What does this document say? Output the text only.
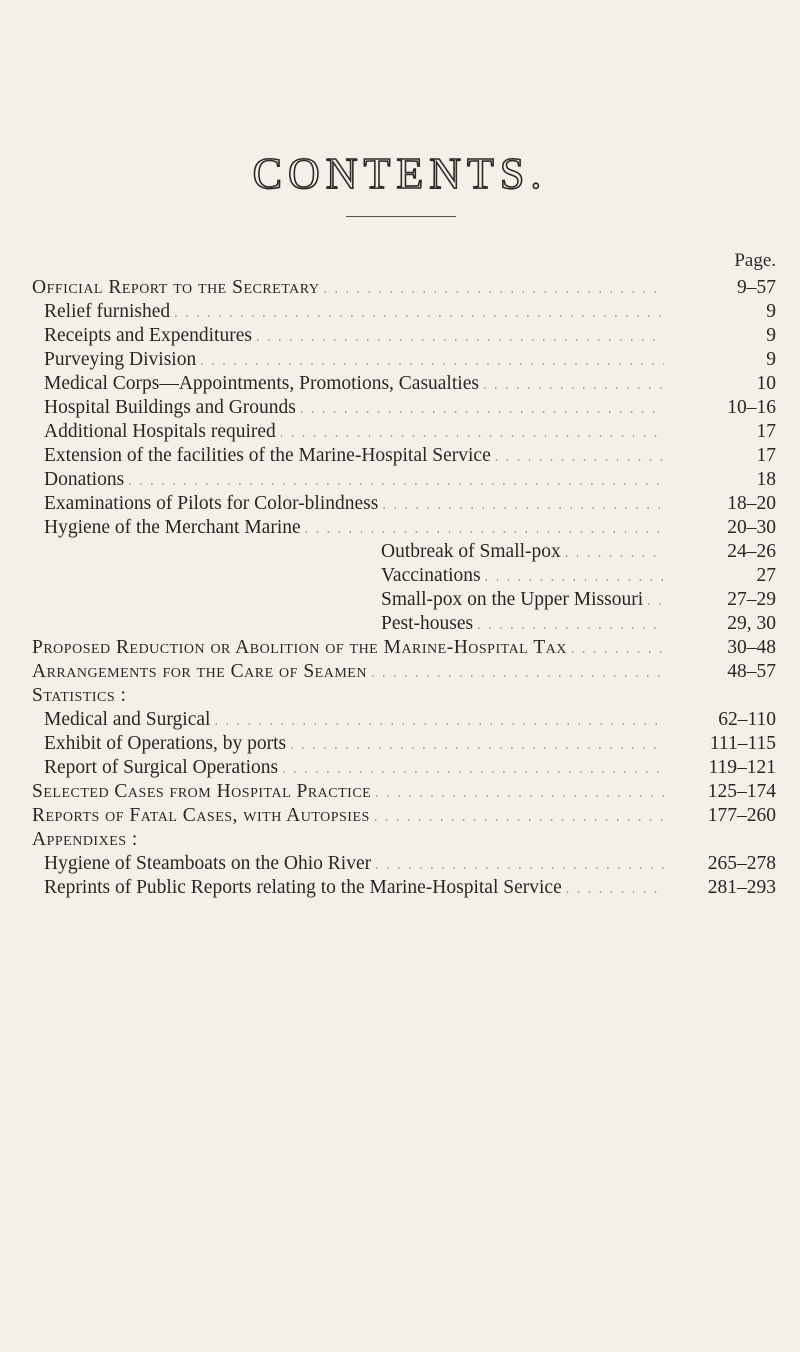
CONTENTS.
Page.
Official Report to the Secretary . . .	9–57
Relief furnished . . .	9
Receipts and Expenditures . . .	9
Purveying Division . . .	9
Medical Corps—Appointments, Promotions, Casualties . . .	10
Hospital Buildings and Grounds . . .	10–16
Additional Hospitals required . . .	17
Extension of the facilities of the Marine-Hospital Service . . .	17
Donations . . .	18
Examinations of Pilots for Color-blindness . . .	18–20
Hygiene of the Merchant Marine . . .	20–30
Outbreak of Small-pox . . .	24–26
Vaccinations . . .	27
Small-pox on the Upper Missouri . . .	27–29
Pest-houses . . .	29, 30
Proposed Reduction or Abolition of the Marine-Hospital Tax . . .	30–48
Arrangements for the Care of Seamen . . .	48–57
Statistics :
Medical and Surgical . . .	62–110
Exhibit of Operations, by ports . . .	111–115
Report of Surgical Operations . . .	119–121
Selected Cases from Hospital Practice . . .	125–174
Reports of Fatal Cases, with Autopsies . . .	177–260
Appendixes :
Hygiene of Steamboats on the Ohio River . . .	265–278
Reprints of Public Reports relating to the Marine-Hospital Service . . .	281–293
